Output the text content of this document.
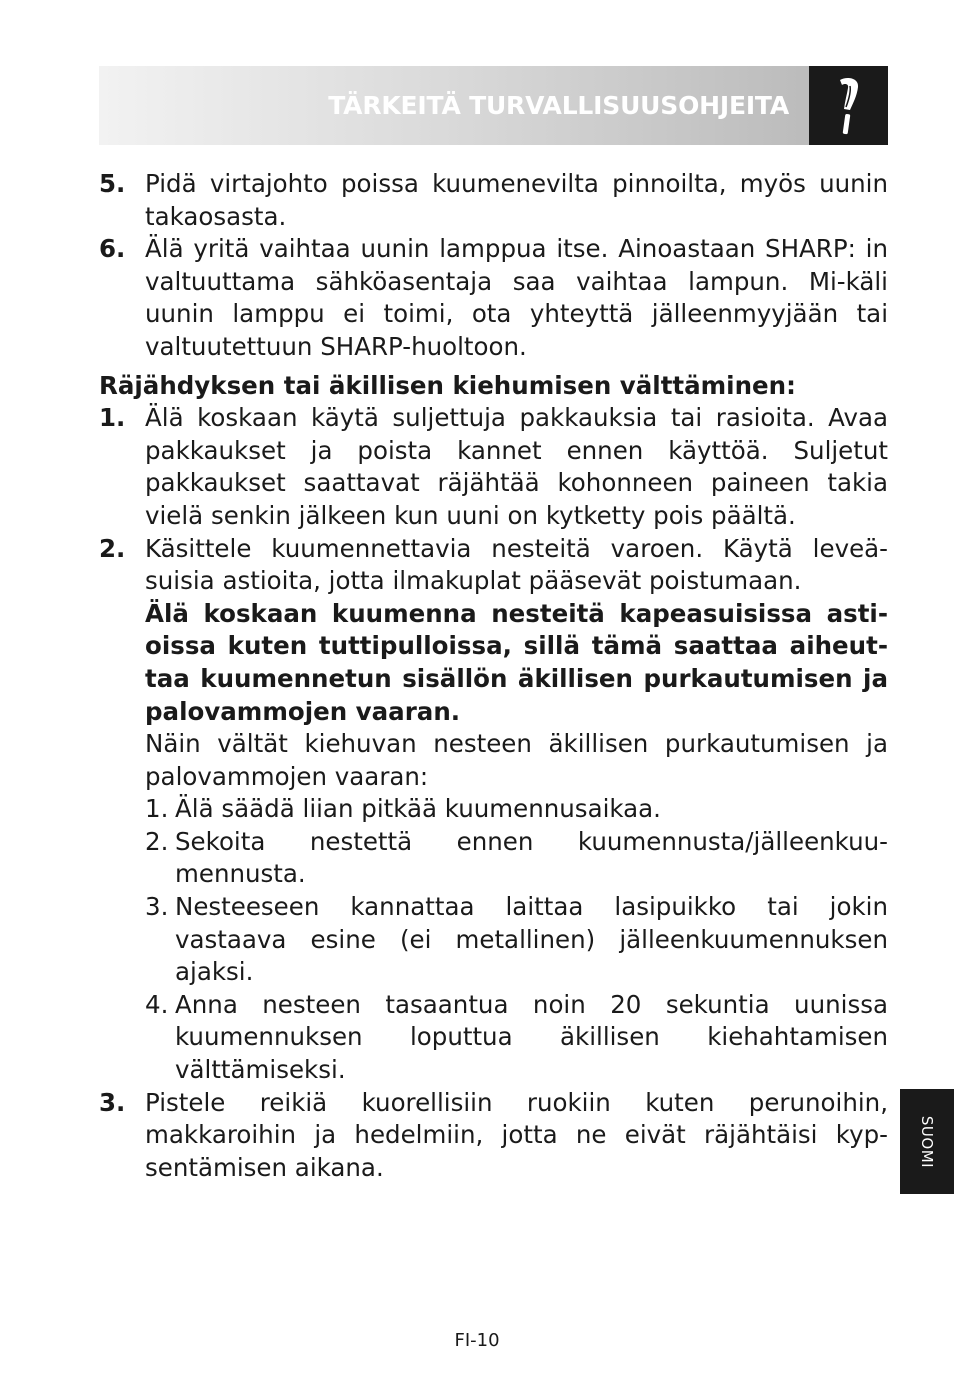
TÄRKEITÄ TURVALLISUUSOHJEITA
5. Pidä virtajohto poissa kuumenevilta pinnoilta, myös uunin takaosasta.
6. Älä yritä vaihtaa uunin lamppua itse. Ainoastaan SHARP: in valtuuttama sähköasentaja saa vaihtaa lampun. Mi-käli uunin lamppu ei toimi, ota yhteyttä jälleenmyyjään tai valtuutettuun SHARP-huoltoon.
Räjähdyksen tai äkillisen kiehumisen välttäminen:
1. Älä koskaan käytä suljettuja pakkauksia tai rasioita. Avaa pakkaukset ja poista kannet ennen käyttöä. Suljetut pakkaukset saattavat räjähtää kohonneen paineen takia vielä senkin jälkeen kun uuni on kytketty pois päältä.
2. Käsittele kuumennettavia nesteitä varoen. Käytä leveä-suisia astioita, jotta ilmakuplat pääsevät poistumaan.
Älä koskaan kuumenna nesteitä kapeasuisissa asti-oissa kuten tuttipulloissa, sillä tämä saattaa aiheut-taa kuumennetun sisällön äkillisen purkautumisen ja palovammojen vaaran.
Näin vältät kiehuvan nesteen äkillisen purkautumisen ja palovammojen vaaran:
1. Älä säädä liian pitkää kuumennusaikaa.
2. Sekoita nestettä ennen kuumennusta/jälleenkuu-mennusta.
3. Nesteeseen kannattaa laittaa lasipuikko tai jokin vastaava esine (ei metallinen) jälleenkuumennuksen ajaksi.
4. Anna nesteen tasaantua noin 20 sekuntia uunissa kuumennuksen loputtua äkillisen kiehahtamisen välttämiseksi.
3. Pistele reikiä kuorellisiin ruokiin kuten perunoihin, makkaroihin ja hedelmiin, jotta ne eivät räjähtäisi kyp-sentämisen aikana.	SUOMI
FI-10
